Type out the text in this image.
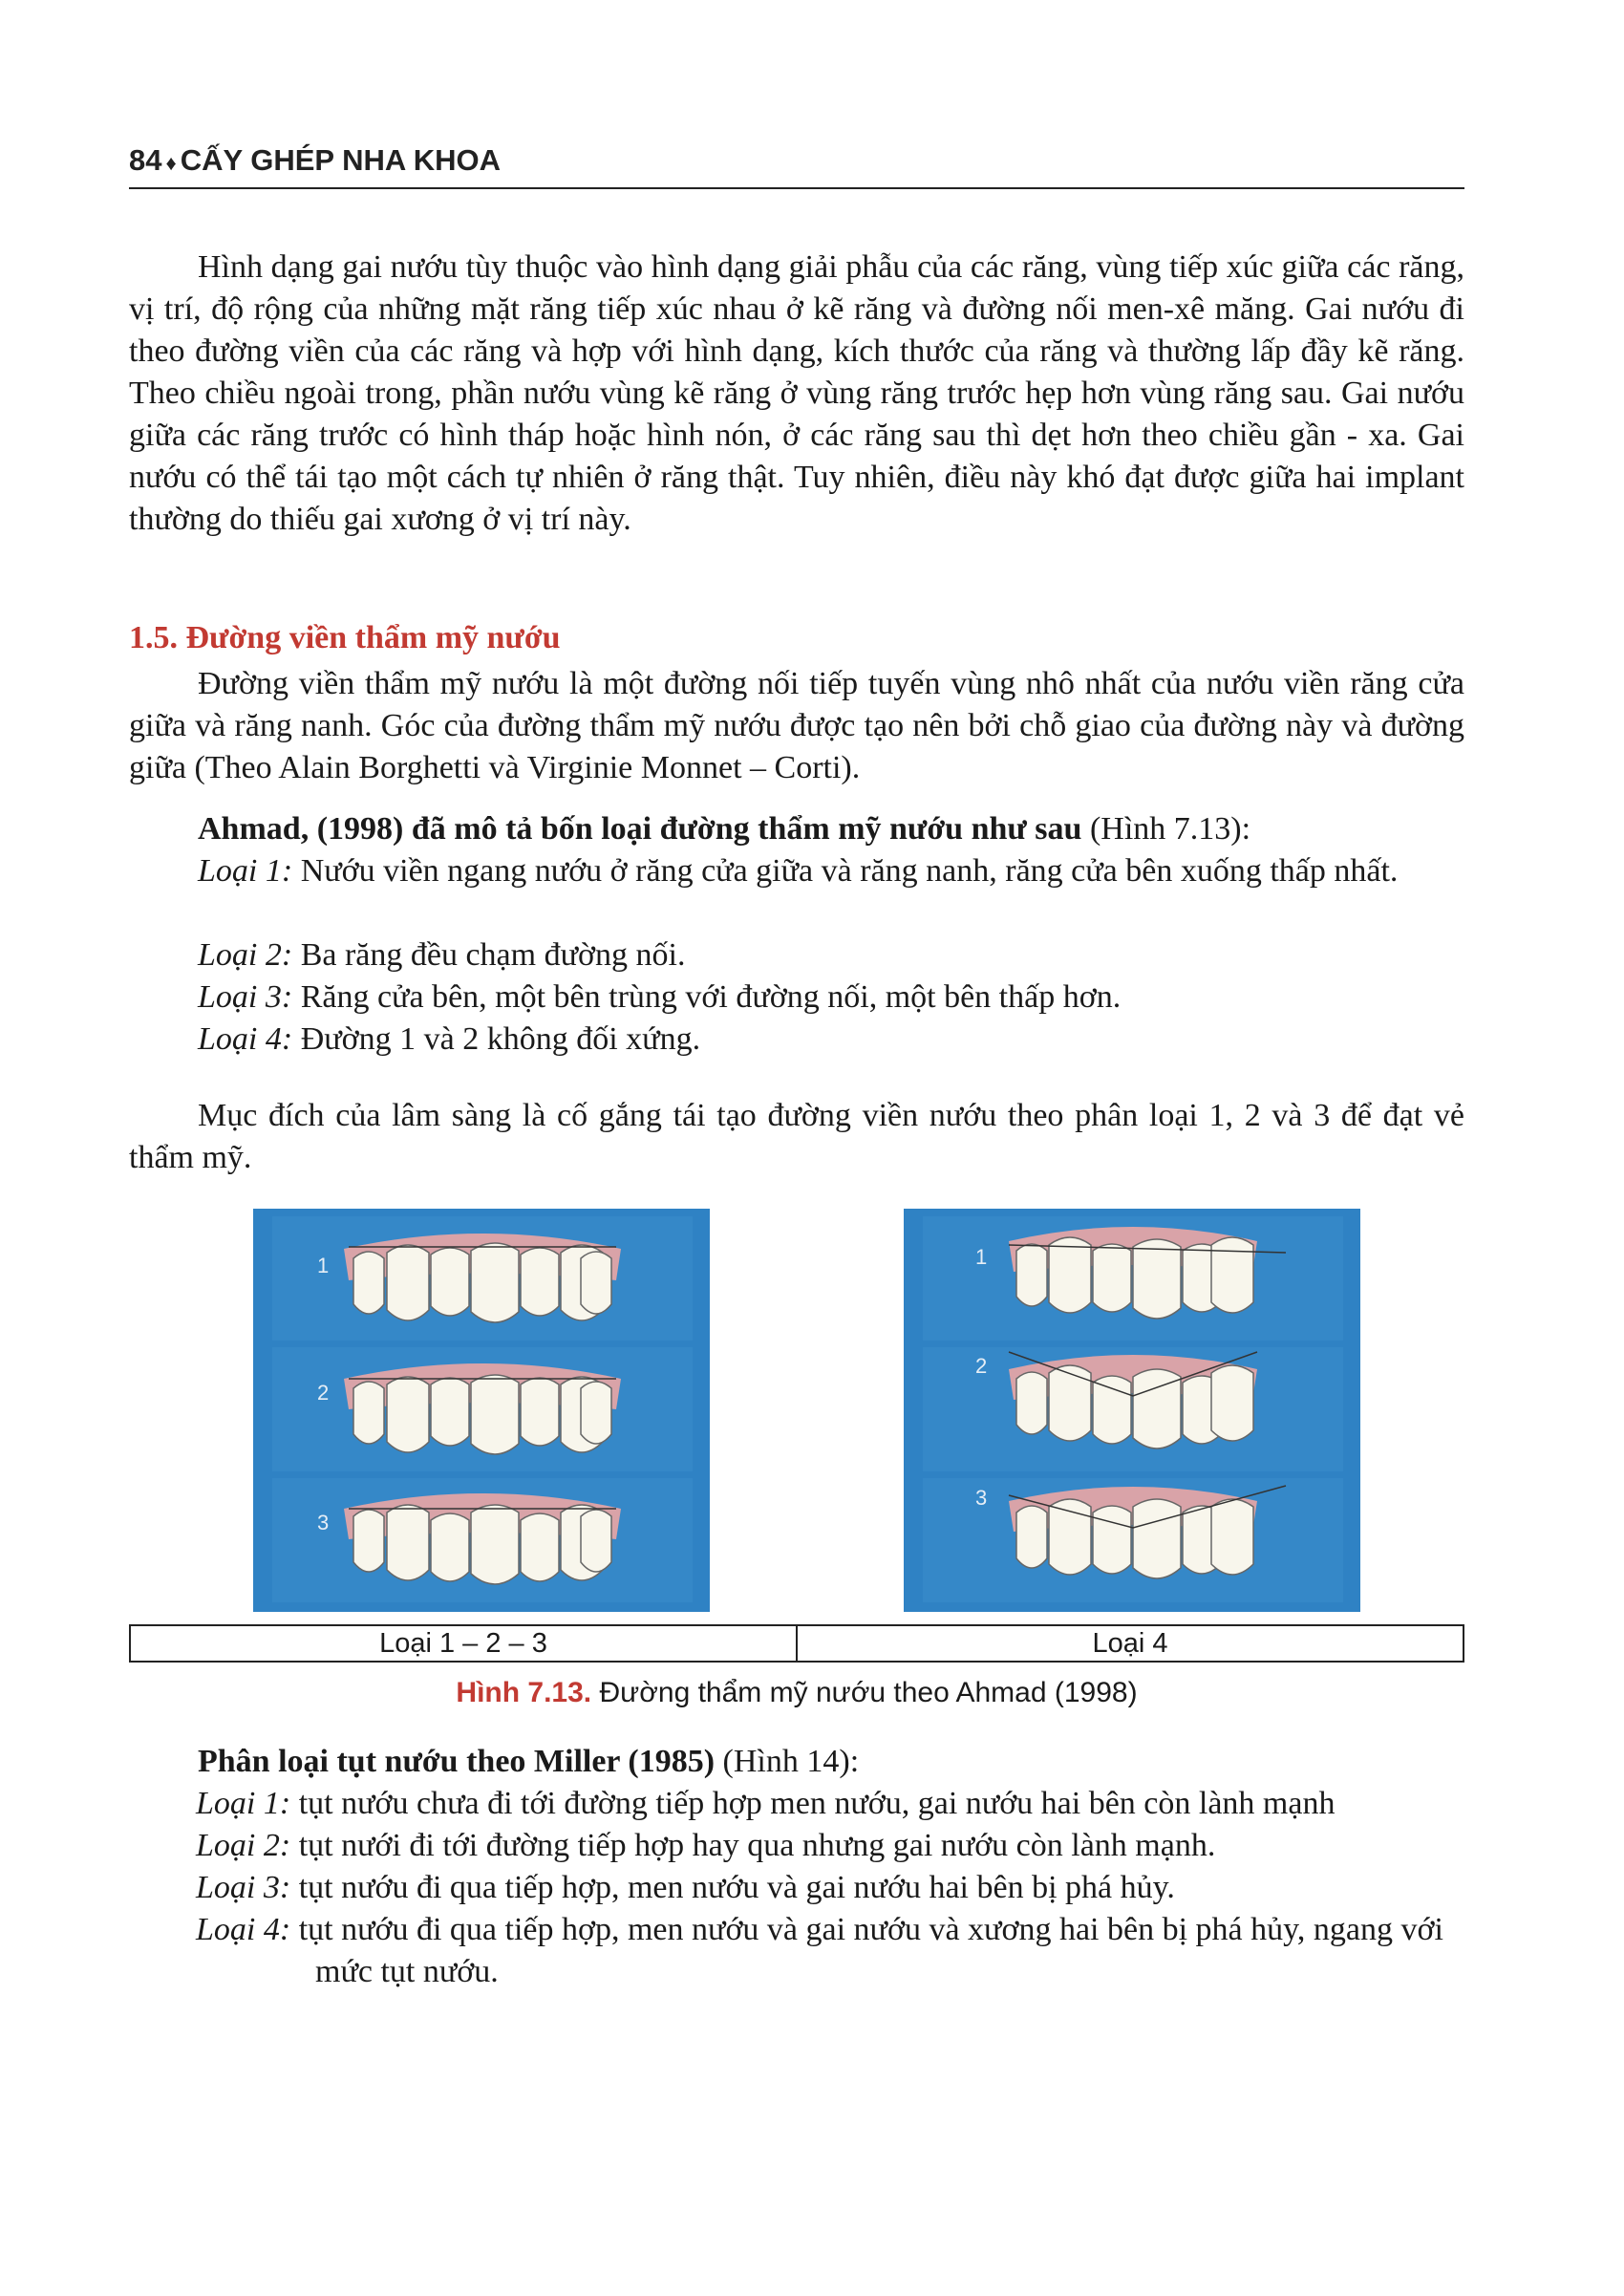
84 ♦ CẤY GHÉP NHA KHOA

Hình dạng gai nướu tùy thuộc vào hình dạng giải phẫu của các răng, vùng tiếp xúc giữa các răng, vị trí, độ rộng của những mặt răng tiếp xúc nhau ở kẽ răng và đường nối men-xê măng. Gai nướu đi theo đường viền của các răng và hợp với hình dạng, kích thước của răng và thường lấp đầy kẽ răng. Theo chiều ngoài trong, phần nướu vùng kẽ răng ở vùng răng trước hẹp hơn vùng răng sau. Gai nướu giữa các răng trước có hình tháp hoặc hình nón, ở các răng sau thì dẹt hơn theo chiều gần - xa. Gai nướu có thể tái tạo một cách tự nhiên ở răng thật. Tuy nhiên, điều này khó đạt được giữa hai implant thường do thiếu gai xương ở vị trí này.

1.5. Đường viền thẩm mỹ nướu

Đường viền thẩm mỹ nướu là một đường nối tiếp tuyến vùng nhô nhất của nướu viền răng cửa giữa và răng nanh. Góc của đường thẩm mỹ nướu được tạo nên bởi chỗ giao của đường này và đường giữa (Theo Alain Borghetti và Virginie Monnet – Corti).

Ahmad, (1998) đã mô tả bốn loại đường thẩm mỹ nướu như sau (Hình 7.13):

Loại 1: Nướu viền ngang nướu ở răng cửa giữa và răng nanh, răng cửa bên xuống thấp nhất.

Loại 2: Ba răng đều chạm đường nối.
Loại 3: Răng cửa bên, một bên trùng với đường nối, một bên thấp hơn.
Loại 4: Đường 1 và 2 không đối xứng.

Mục đích của lâm sàng là cố gắng tái tạo đường viền nướu theo phân loại 1, 2 và 3 để đạt vẻ thẩm mỹ.

1
2
3
1
2
3
Loại 1 – 2 – 3	Loại 4
Hình 7.13. Đường thẩm mỹ nướu theo Ahmad (1998)
Phân loại tụt nướu theo Miller (1985) (Hình 14):
Loại 1: tụt nướu chưa đi tới đường tiếp hợp men nướu, gai nướu hai bên còn lành mạnh
Loại 2: tụt nưới đi tới đường tiếp hợp hay qua nhưng gai nướu còn lành mạnh.
Loại 3: tụt nướu đi qua tiếp hợp, men nướu và gai nướu hai bên bị phá hủy.
Loại 4: tụt nướu đi qua tiếp hợp, men nướu và gai nướu và xương hai bên bị phá hủy, ngang với mức tụt nướu.
